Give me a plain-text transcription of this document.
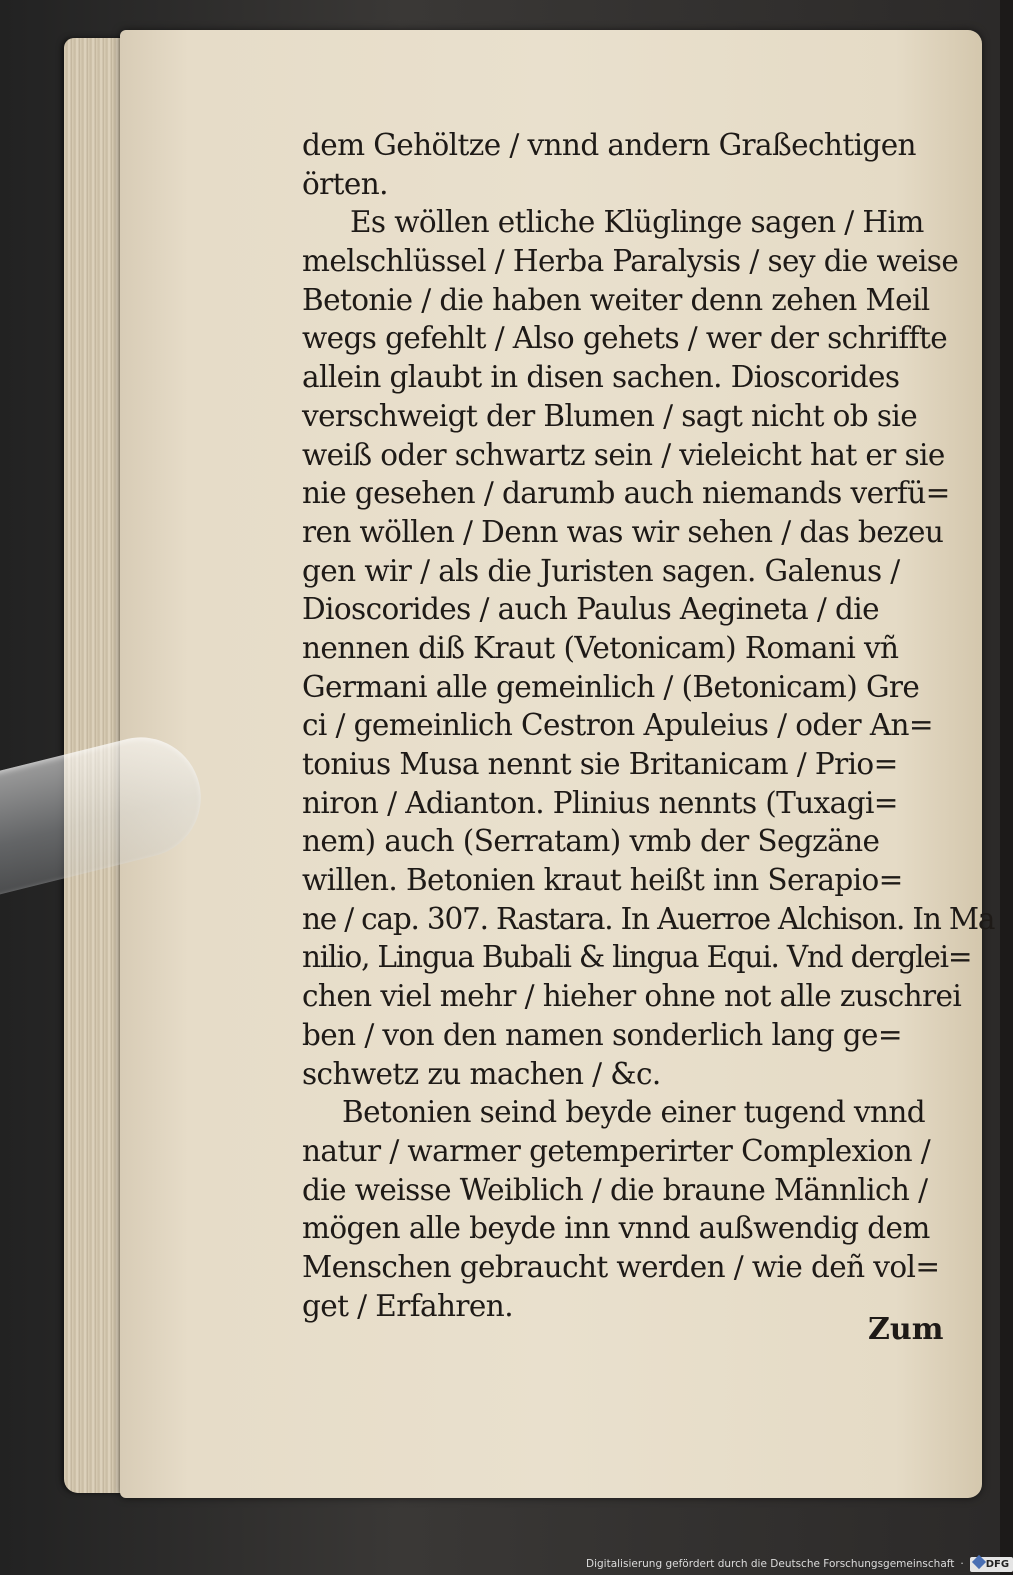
dem Gehöltze / vnnd andern Graßechtigen
örten.
Es wöllen etliche Klüglinge sagen / Him
melschlüssel / Herba Paralysis / sey die weise
Betonie / die haben weiter denn zehen Meil
wegs gefehlt / Also gehets / wer der schriffte
allein glaubt in disen sachen. Dioscorides
verschweigt der Blumen / sagt nicht ob sie
weiß oder schwartz sein / vieleicht hat er sie
nie gesehen / darumb auch niemands verfü=
ren wöllen / Denn was wir sehen / das bezeu
gen wir / als die Juristen sagen. Galenus /
Dioscorides / auch Paulus Aegineta / die
nennen diß Kraut (Vetonicam) Romani vñ
Germani alle gemeinlich / (Betonicam) Gre
ci / gemeinlich Cestron Apuleius / oder An=
tonius Musa nennt sie Britanicam / Prio=
niron / Adianton. Plinius nennts (Tuxagi=
nem) auch (Serratam) vmb der Segzäne
willen. Betonien kraut heißt inn Serapio=
ne / cap. 307. Rastara. In Auerroe Alchison. In Ma
nilio, Lingua Bubali & lingua Equi. Vnd derglei=
chen viel mehr / hieher ohne not alle zuschrei
ben / von den namen sonderlich lang ge=
schwetz zu machen / &c.
Betonien seind beyde einer tugend vnnd
natur / warmer getemperirter Complexion /
die weisse Weiblich / die braune Männlich /
mögen alle beyde inn vnnd außwendig dem
Menschen gebraucht werden / wie deñ vol=
get / Erfahren.
Zum
Digitalisierung gefördert durch die Deutsche Forschungsgemeinschaft ·	DFG
